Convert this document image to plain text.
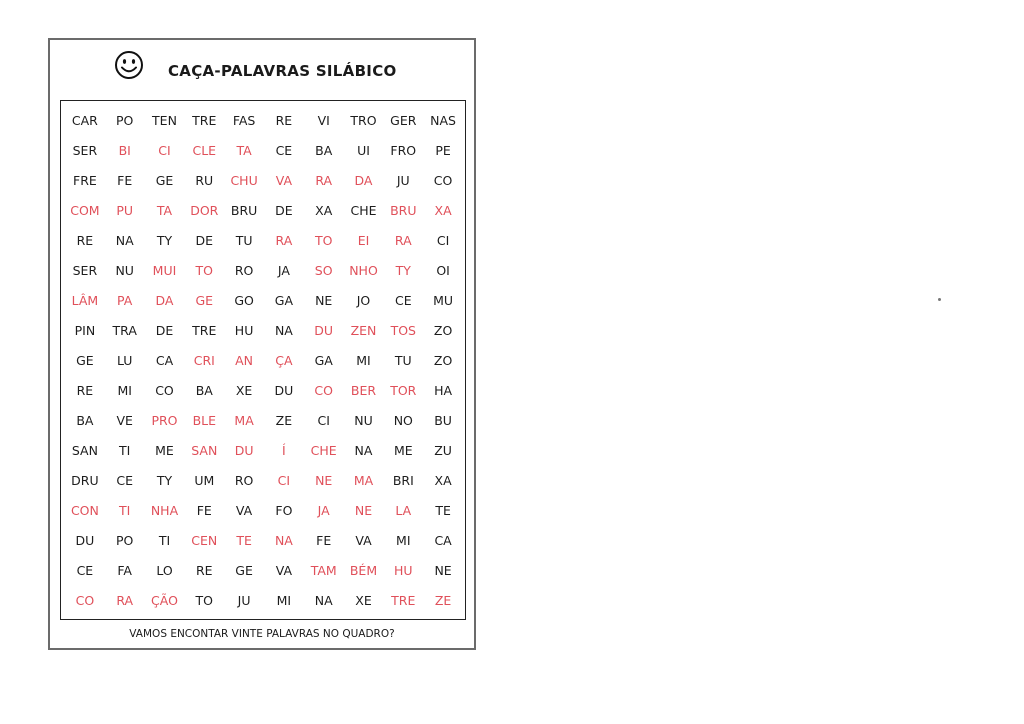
CAÇA-PALAVRAS SILÁBICO
CAR	PO	TEN	TRE	FAS	RE	VI	TRO	GER	NAS
SER	BI	CI	CLE	TA	CE	BA	UI	FRO	PE
FRE	FE	GE	RU	CHU	VA	RA	DA	JU	CO
COM	PU	TA	DOR	BRU	DE	XA	CHE	BRU	XA
RE	NA	TY	DE	TU	RA	TO	EI	RA	CI
SER	NU	MUI	TO	RO	JA	SO	NHO	TY	OI
LÂM	PA	DA	GE	GO	GA	NE	JO	CE	MU
PIN	TRA	DE	TRE	HU	NA	DU	ZEN	TOS	ZO
GE	LU	CA	CRI	AN	ÇA	GA	MI	TU	ZO
RE	MI	CO	BA	XE	DU	CO	BER	TOR	HA
BA	VE	PRO	BLE	MA	ZE	CI	NU	NO	BU
SAN	TI	ME	SAN	DU	Í	CHE	NA	ME	ZU
DRU	CE	TY	UM	RO	CI	NE	MA	BRI	XA
CON	TI	NHA	FE	VA	FO	JA	NE	LA	TE
DU	PO	TI	CEN	TE	NA	FE	VA	MI	CA
CE	FA	LO	RE	GE	VA	TAM	BÉM	HU	NE
CO	RA	ÇÃO	TO	JU	MI	NA	XE	TRE	ZE
VAMOS ENCONTAR VINTE PALAVRAS NO QUADRO?
